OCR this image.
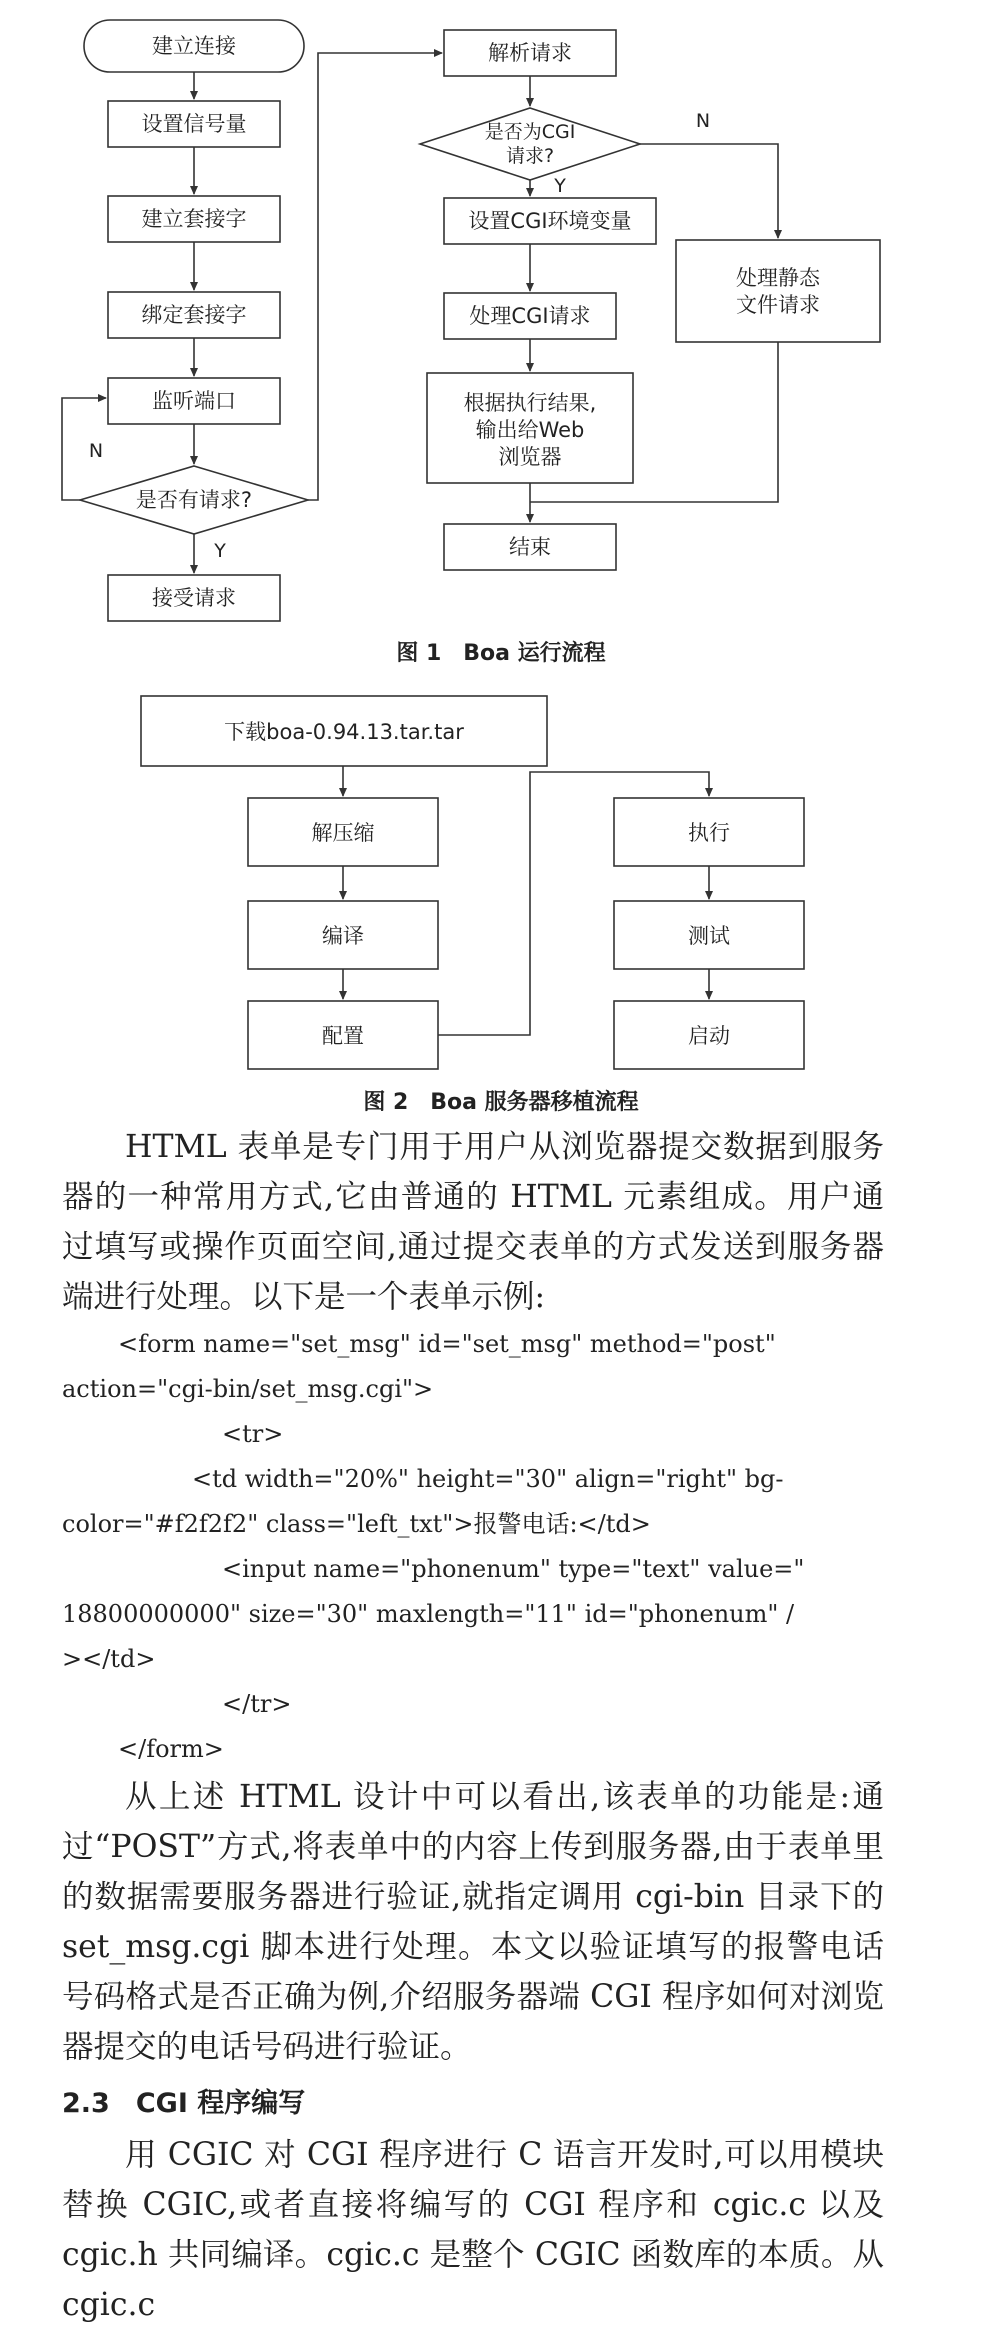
建立连接
设置信号量
建立套接字
绑定套接字
监听端口
是否有请求?
接受请求
解析请求
是否为CGI
请求?
设置CGI环境变量
处理CGI请求
根据执行结果,
输出给Web
浏览器
结束
处理静态
文件请求
N
Y
N
Y
图 1 Boa 运行流程
下载boa-0.94.13.tar.tar
解压缩
编译
配置
执行
测试
启动
图 2 Boa 服务器移植流程

HTML 表单是专门用于用户从浏览器提交数据到服务器的一种常用方式,它由普通的 HTML 元素组成。用户通过填写或操作页面空间,通过提交表单的方式发送到服务器端进行处理。以下是一个表单示例:

<form name="set_msg" id="set_msg" method="post"
action="cgi-bin/set_msg.cgi">
<tr>
<td width="20%" height="30" align="right" bg-
color="#f2f2f2" class="left_txt">报警电话:</td>
<input name="phonenum" type="text" value="
18800000000" size="30" maxlength="11" id="phonenum" /
></td>
</tr>
</form>

从上述 HTML 设计中可以看出,该表单的功能是:通过“POST”方式,将表单中的内容上传到服务器,由于表单里的数据需要服务器进行验证,就指定调用 cgi-bin 目录下的 set_msg.cgi 脚本进行处理。本文以验证填写的报警电话号码格式是否正确为例,介绍服务器端 CGI 程序如何对浏览器提交的电话号码进行验证。

2.3 CGI 程序编写

用 CGIC 对 CGI 程序进行 C 语言开发时,可以用模块替换 CGIC,或者直接将编写的 CGI 程序和 cgic.c 以及 cgic.h 共同编译。cgic.c 是整个 CGIC 函数库的本质。从 cgic.c
